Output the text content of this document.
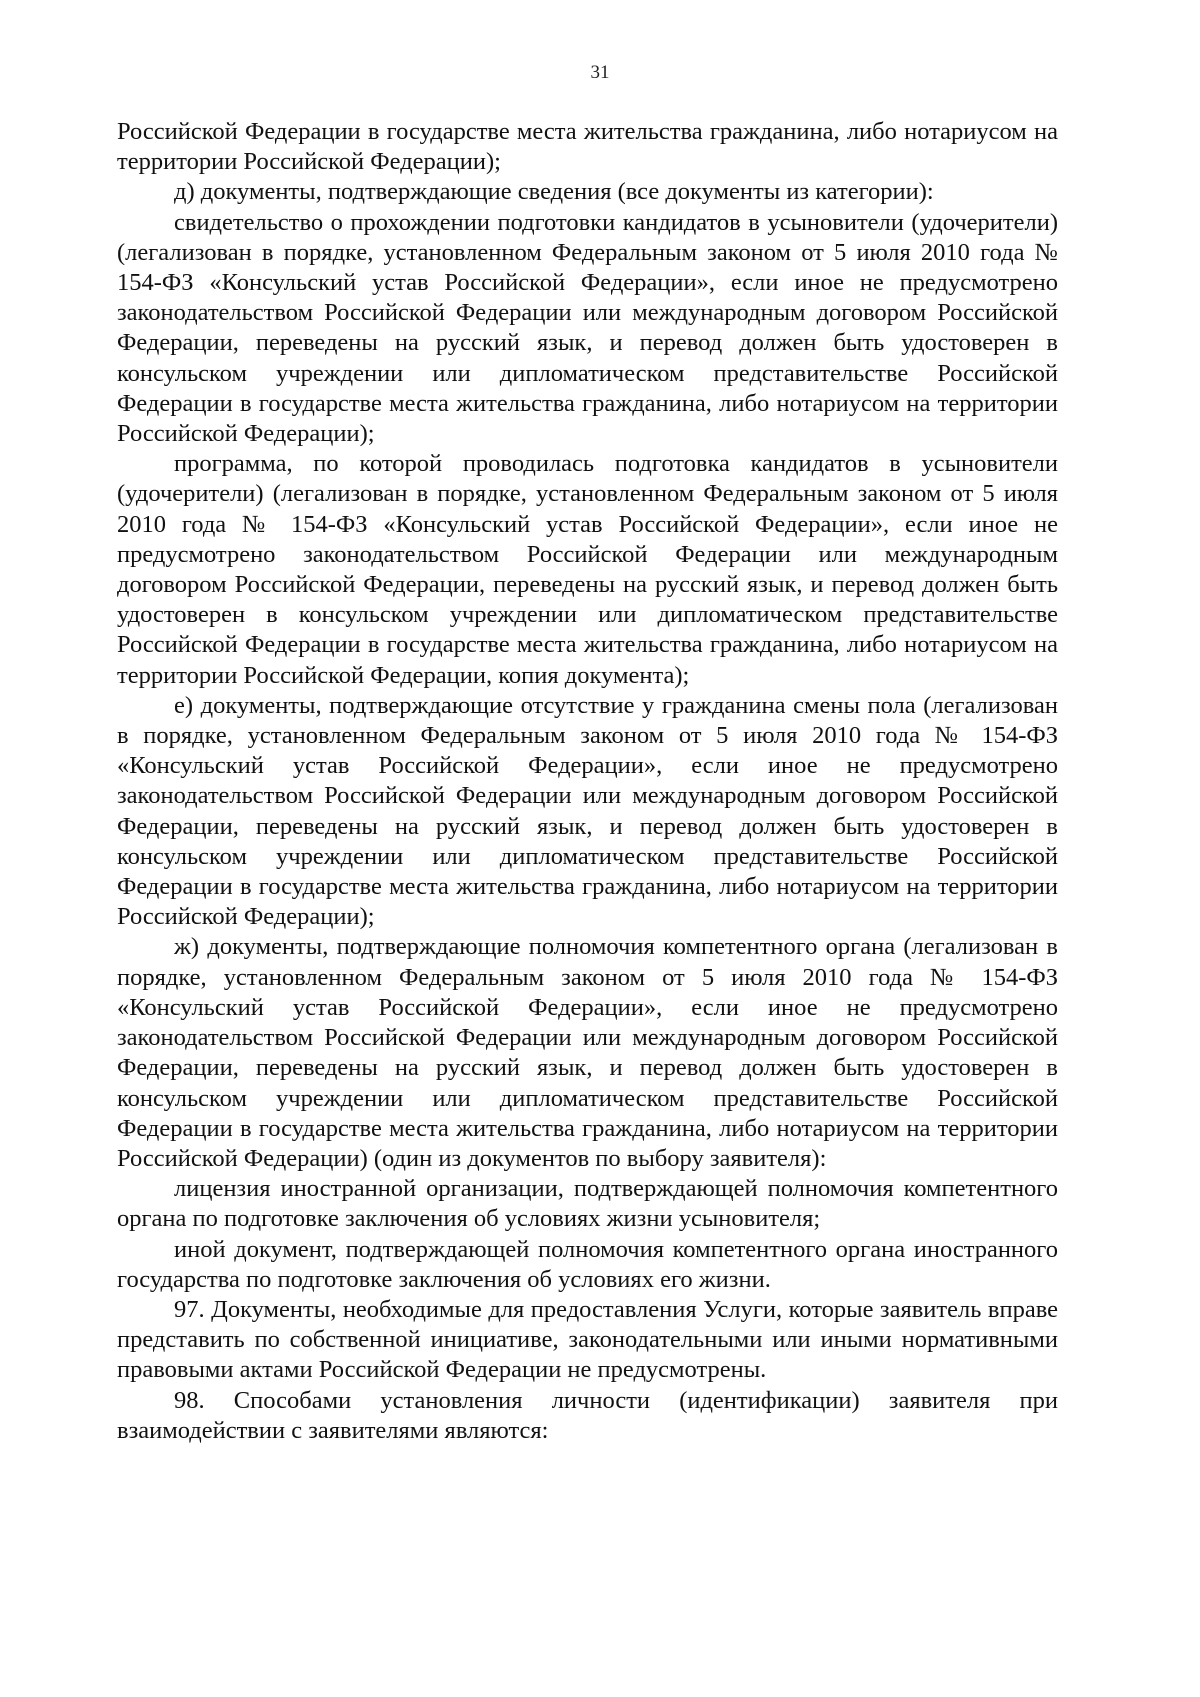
31

Российской Федерации в государстве места жительства гражданина, либо нотариусом на территории Российской Федерации);

д) документы, подтверждающие сведения (все документы из категории):

свидетельство о прохождении подготовки кандидатов в усыновители (удочерители) (легализован в порядке, установленном Федеральным законом от 5 июля 2010 года № 154-ФЗ «Консульский устав Российской Федерации», если иное не предусмотрено законодательством Российской Федерации или международным договором Российской Федерации, переведены на русский язык, и перевод должен быть удостоверен в консульском учреждении или дипломатическом представительстве Российской Федерации в государстве места жительства гражданина, либо нотариусом на территории Российской Федерации);

программа, по которой проводилась подготовка кандидатов в усыновители (удочерители) (легализован в порядке, установленном Федеральным законом от 5 июля 2010 года № 154-ФЗ «Консульский устав Российской Федерации», если иное не предусмотрено законодательством Российской Федерации или международным договором Российской Федерации, переведены на русский язык, и перевод должен быть удостоверен в консульском учреждении или дипломатическом представительстве Российской Федерации в государстве места жительства гражданина, либо нотариусом на территории Российской Федерации, копия документа);

е) документы, подтверждающие отсутствие у гражданина смены пола (легализован в порядке, установленном Федеральным законом от 5 июля 2010 года № 154-ФЗ «Консульский устав Российской Федерации», если иное не предусмотрено законодательством Российской Федерации или международным договором Российской Федерации, переведены на русский язык, и перевод должен быть удостоверен в консульском учреждении или дипломатическом представительстве Российской Федерации в государстве места жительства гражданина, либо нотариусом на территории Российской Федерации);

ж) документы, подтверждающие полномочия компетентного органа (легализован в порядке, установленном Федеральным законом от 5 июля 2010 года № 154-ФЗ «Консульский устав Российской Федерации», если иное не предусмотрено законодательством Российской Федерации или международным договором Российской Федерации, переведены на русский язык, и перевод должен быть удостоверен в консульском учреждении или дипломатическом представительстве Российской Федерации в государстве места жительства гражданина, либо нотариусом на территории Российской Федерации) (один из документов по выбору заявителя):

лицензия иностранной организации, подтверждающей полномочия компетентного органа по подготовке заключения об условиях жизни усыновителя;

иной документ, подтверждающей полномочия компетентного органа иностранного государства по подготовке заключения об условиях его жизни.

97. Документы, необходимые для предоставления Услуги, которые заявитель вправе представить по собственной инициативе, законодательными или иными нормативными правовыми актами Российской Федерации не предусмотрены.

98. Способами установления личности (идентификации) заявителя при взаимодействии с заявителями являются:
